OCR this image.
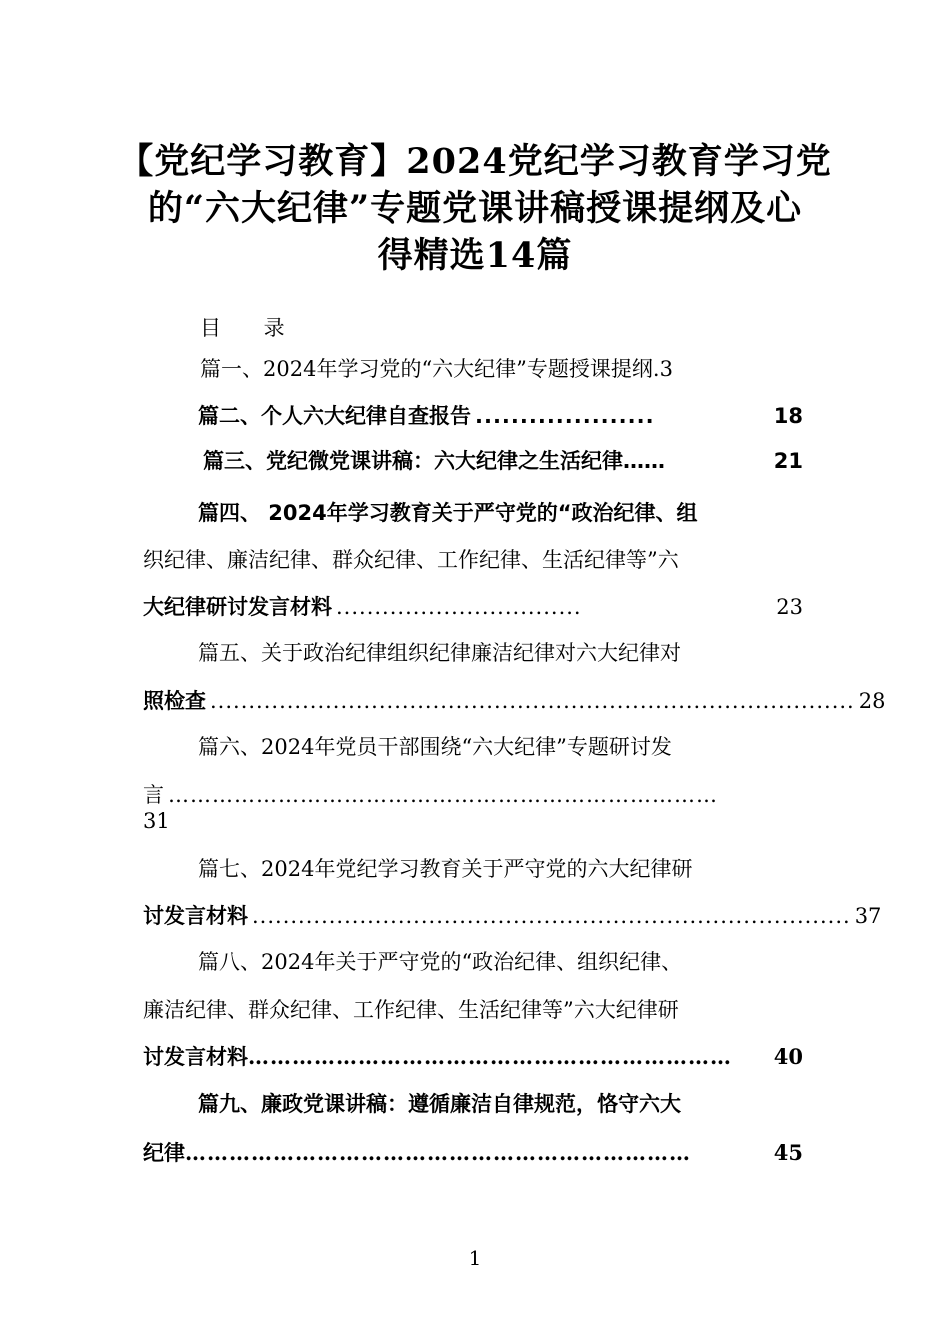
【党纪学习教育】2024党纪学习教育学习党
的“六大纪律”专题党课讲稿授课提纲及心
得精选14篇
目 录
篇一、2024年学习党的“六大纪律”专题授课提纲.3
篇二、个人六大纪律自查报告 ....................	18
篇三、党纪微党课讲稿：六大纪律之生活纪律……	21
篇四、 2024年学习教育关于严守党的“政治纪律、组
织纪律、廉洁纪律、群众纪律、工作纪律、生活纪律等”六
大纪律研讨发言材料 ................................	23
篇五、关于政治纪律组织纪律廉洁纪律对六大纪律对
照检查 .................................................................................... 28
篇六、2024年党员干部围绕“六大纪律”专题研讨发
言 …………………………………………………………………
31
篇七、2024年党纪学习教育关于严守党的六大纪律研
讨发言材料 .............................................................................. 37
篇八、2024年关于严守党的“政治纪律、组织纪律、
廉洁纪律、群众纪律、工作纪律、生活纪律等”六大纪律研
讨发言材料 …………………………………………………………	40
篇九、廉政党课讲稿：遵循廉洁自律规范，恪守六大
纪律 ……………………………………………………………	45
1
